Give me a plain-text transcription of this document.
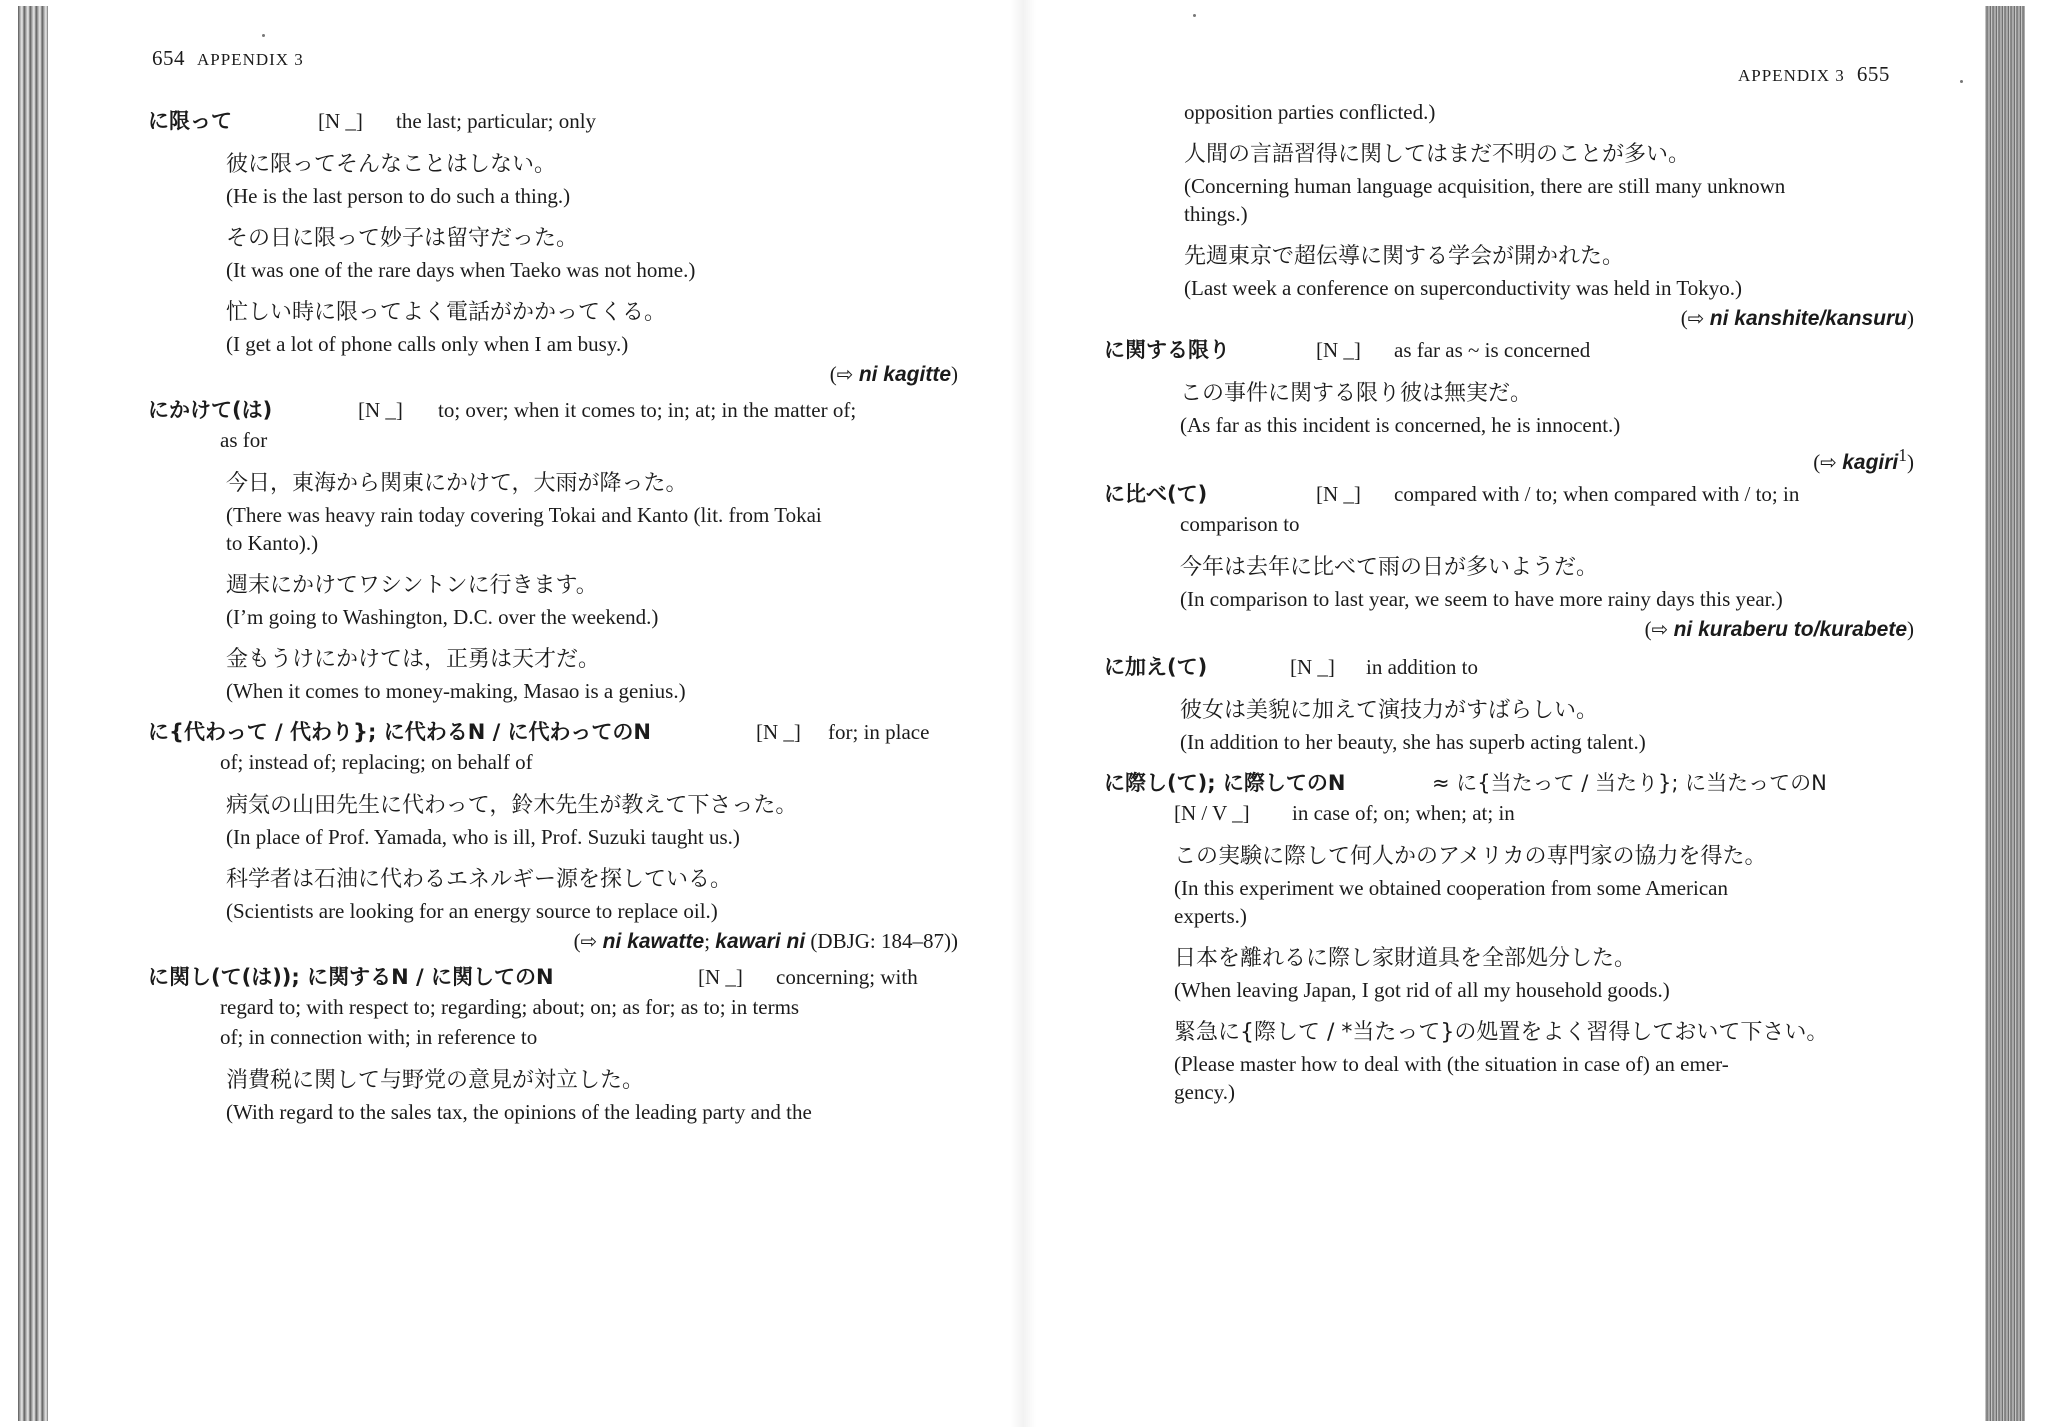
654 APPENDIX 3
APPENDIX 3 655
に限って	[N _] the last; particular; only
彼に限ってそんなことはしない。
(He is the last person to do such a thing.)
その日に限って妙子は留守だった。
(It was one of the rare days when Taeko was not home.)
忙しい時に限ってよく電話がかかってくる。
(I get a lot of phone calls only when I am busy.)
(⇨ ni kagitte)
にかけて(は)	[N _] to; over; when it comes to; in; at; in the matter of;
as for
今日，東海から関東にかけて，大雨が降った。
(There was heavy rain today covering Tokai and Kanto (lit. from Tokai
to Kanto).)
週末にかけてワシントンに行きます。
(I’m going to Washington, D.C. over the weekend.)
金もうけにかけては，正勇は天才だ。
(When it comes to money-making, Masao is a genius.)
に{代わって / 代わり}; に代わるN / に代わってのN	[N _] for; in place
of; instead of; replacing; on behalf of
病気の山田先生に代わって，鈴木先生が教えて下さった。
(In place of Prof. Yamada, who is ill, Prof. Suzuki taught us.)
科学者は石油に代わるエネルギー源を探している。
(Scientists are looking for an energy source to replace oil.)
(⇨ ni kawatte; kawari ni (DBJG: 184–87))
に関し(て(は)); に関するN / に関してのN	[N _] concerning; with
regard to; with respect to; regarding; about; on; as for; as to; in terms
of; in connection with; in reference to
消費税に関して与野党の意見が対立した。
(With regard to the sales tax, the opinions of the leading party and the
opposition parties conflicted.)
人間の言語習得に関してはまだ不明のことが多い。
(Concerning human language acquisition, there are still many unknown
things.)
先週東京で超伝導に関する学会が開かれた。
(Last week a conference on superconductivity was held in Tokyo.)
(⇨ ni kanshite/kansuru)
に関する限り	[N _] as far as ~ is concerned
この事件に関する限り彼は無実だ。
(As far as this incident is concerned, he is innocent.)
(⇨ kagiri$^1$)
に比べ(て)	[N _] compared with / to; when compared with / to; in
comparison to
今年は去年に比べて雨の日が多いようだ。
(In comparison to last year, we seem to have more rainy days this year.)
(⇨ ni kuraberu to/kurabete)
に加え(て)	[N _] in addition to
彼女は美貌に加えて演技力がすばらしい。
(In addition to her beauty, she has superb acting talent.)
に際し(て); に際してのN	≈ に{当たって / 当たり}; に当たってのN
[N / V _] in case of; on; when; at; in
この実験に際して何人かのアメリカの専門家の協力を得た。
(In this experiment we obtained cooperation from some American
experts.)
日本を離れるに際し家財道具を全部処分した。
(When leaving Japan, I got rid of all my household goods.)
緊急に{際して / *当たって}の処置をよく習得しておいて下さい。
(Please master how to deal with (the situation in case of) an emer-
gency.)
